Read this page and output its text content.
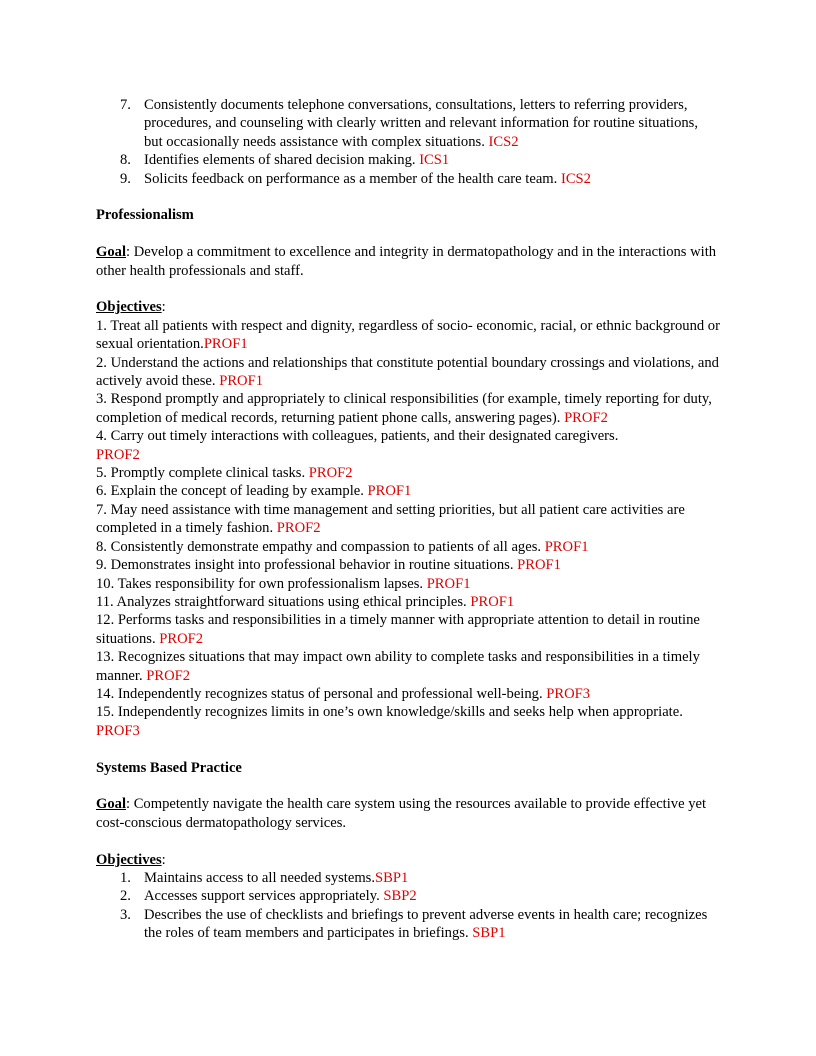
7. Consistently documents telephone conversations, consultations, letters to referring providers, procedures, and counseling with clearly written and relevant information for routine situations, but occasionally needs assistance with complex situations. ICS2
8. Identifies elements of shared decision making. ICS1
9. Solicits feedback on performance as a member of the health care team. ICS2
Professionalism
Goal: Develop a commitment to excellence and integrity in dermatopathology and in the interactions with other health professionals and staff.
Objectives:

1. Treat all patients with respect and dignity, regardless of socio- economic, racial, or ethnic background or sexual orientation.PROF1

2. Understand the actions and relationships that constitute potential boundary crossings and violations, and actively avoid these. PROF1

3. Respond promptly and appropriately to clinical responsibilities (for example, timely reporting for duty, completion of medical records, returning patient phone calls, answering pages). PROF2

4. Carry out timely interactions with colleagues, patients, and their designated caregivers.
PROF2

5. Promptly complete clinical tasks. PROF2

6. Explain the concept of leading by example. PROF1

7. May need assistance with time management and setting priorities, but all patient care activities are completed in a timely fashion. PROF2

8. Consistently demonstrate empathy and compassion to patients of all ages. PROF1

9. Demonstrates insight into professional behavior in routine situations. PROF1

10. Takes responsibility for own professionalism lapses. PROF1

11. Analyzes straightforward situations using ethical principles. PROF1

12. Performs tasks and responsibilities in a timely manner with appropriate attention to detail in routine situations. PROF2

13. Recognizes situations that may impact own ability to complete tasks and responsibilities in a timely manner. PROF2

14. Independently recognizes status of personal and professional well-being. PROF3

15. Independently recognizes limits in one’s own knowledge/skills and seeks help when appropriate. PROF3

Systems Based Practice
Goal: Competently navigate the health care system using the resources available to provide effective yet cost-conscious dermatopathology services.
Objectives:
1. Maintains access to all needed systems.SBP1
2. Accesses support services appropriately. SBP2
3. Describes the use of checklists and briefings to prevent adverse events in health care; recognizes the roles of team members and participates in briefings. SBP1
